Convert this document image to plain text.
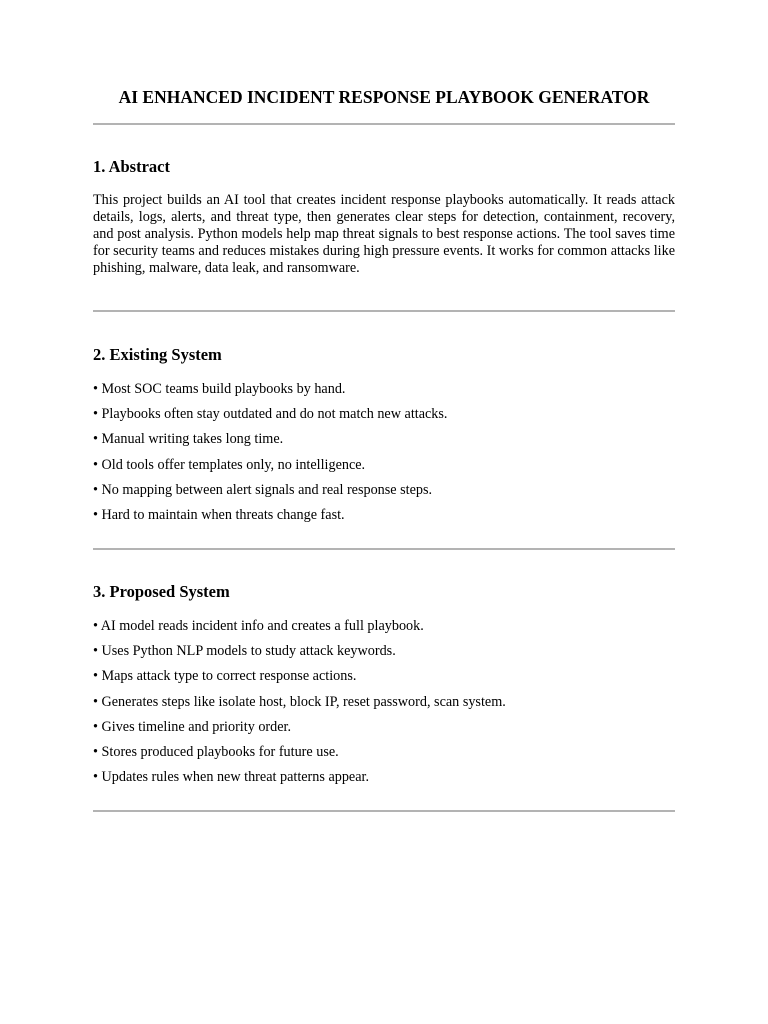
AI ENHANCED INCIDENT RESPONSE PLAYBOOK GENERATOR
1. Abstract

This project builds an AI tool that creates incident response playbooks automatically. It reads attack details, logs, alerts, and threat type, then generates clear steps for detection, containment, recovery, and post analysis. Python models help map threat signals to best response actions. The tool saves time for security teams and reduces mistakes during high pressure events. It works for common attacks like phishing, malware, data leak, and ransomware.

2. Existing System
• Most SOC teams build playbooks by hand.
• Playbooks often stay outdated and do not match new attacks.
• Manual writing takes long time.
• Old tools offer templates only, no intelligence.
• No mapping between alert signals and real response steps.
• Hard to maintain when threats change fast.
3. Proposed System
• AI model reads incident info and creates a full playbook.
• Uses Python NLP models to study attack keywords.
• Maps attack type to correct response actions.
• Generates steps like isolate host, block IP, reset password, scan system.
• Gives timeline and priority order.
• Stores produced playbooks for future use.
• Updates rules when new threat patterns appear.
